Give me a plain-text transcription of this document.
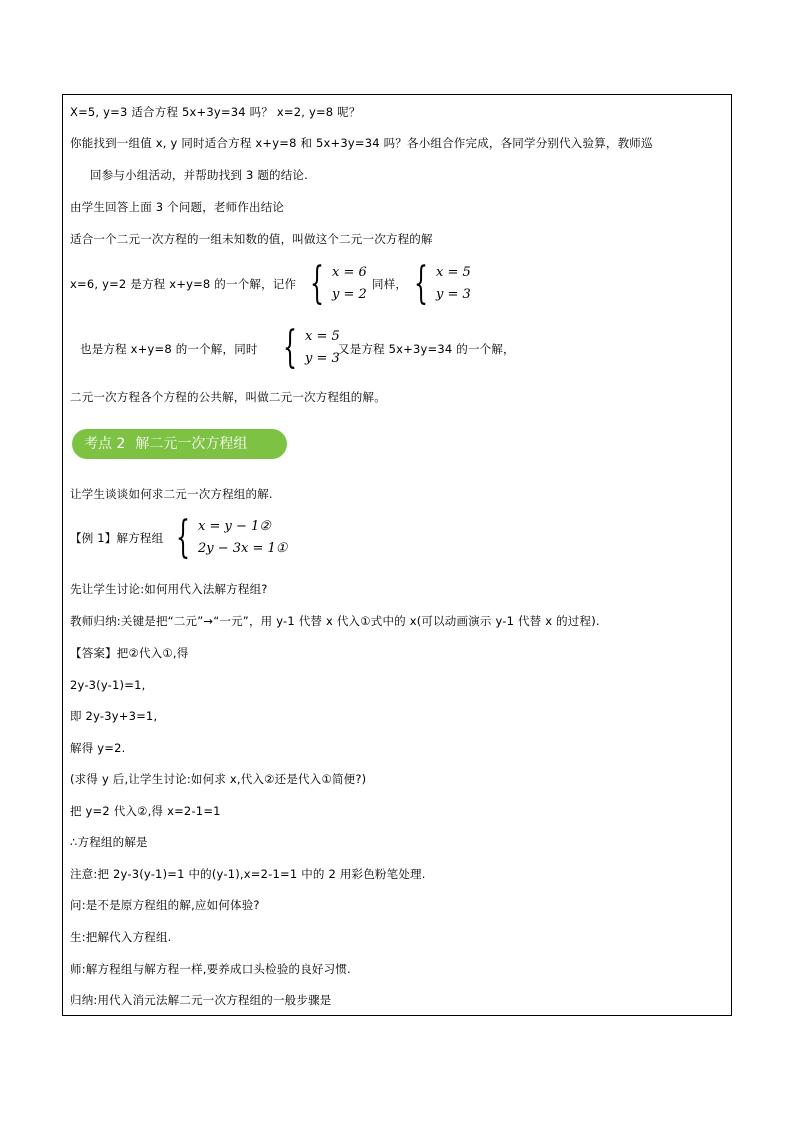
X=5, y=3 适合方程 5x+3y=34 吗？ x=2, y=8 呢？
你能找到一组值 x, y 同时适合方程 x+y=8 和 5x+3y=34 吗？各小组合作完成，各同学分别代入验算，教师巡
回参与小组活动，并帮助找到 3 题的结论.
由学生回答上面 3 个问题，老师作出结论
适合一个二元一次方程的一组未知数的值，叫做这个二元一次方程的解
x=6, y=2 是方程 x+y=8 的一个解，记作 { x = 6
y = 2
同样， { x = 5
y = 3
也是方程 x+y=8 的一个解，同时 { x = 5
y = 3
又是方程 5x+3y=34 的一个解，
二元一次方程各个方程的公共解，叫做二元一次方程组的解。
考点 2 解二元一次方程组
让学生谈谈如何求二元一次方程组的解.
【例 1】解方程组 { x = y − 1②
2y − 3x = 1①
先让学生讨论:如何用代入法解方程组?
教师归纳:关键是把“二元”→“一元”，用 y-1 代替 x 代入①式中的 x(可以动画演示 y-1 代替 x 的过程).
【答案】把②代入①,得
2y-3(y-1)=1,
即 2y-3y+3=1,
解得 y=2.
(求得 y 后,让学生讨论:如何求 x,代入②还是代入①简便?)
把 y=2 代入②,得 x=2-1=1
∴方程组的解是
注意:把 2y-3(y-1)=1 中的(y-1),x=2-1=1 中的 2 用彩色粉笔处理.
问:是不是原方程组的解,应如何体验?
生:把解代入方程组.
师:解方程组与解方程一样,要养成口头检验的良好习惯.
归纳:用代入消元法解二元一次方程组的一般步骤是
